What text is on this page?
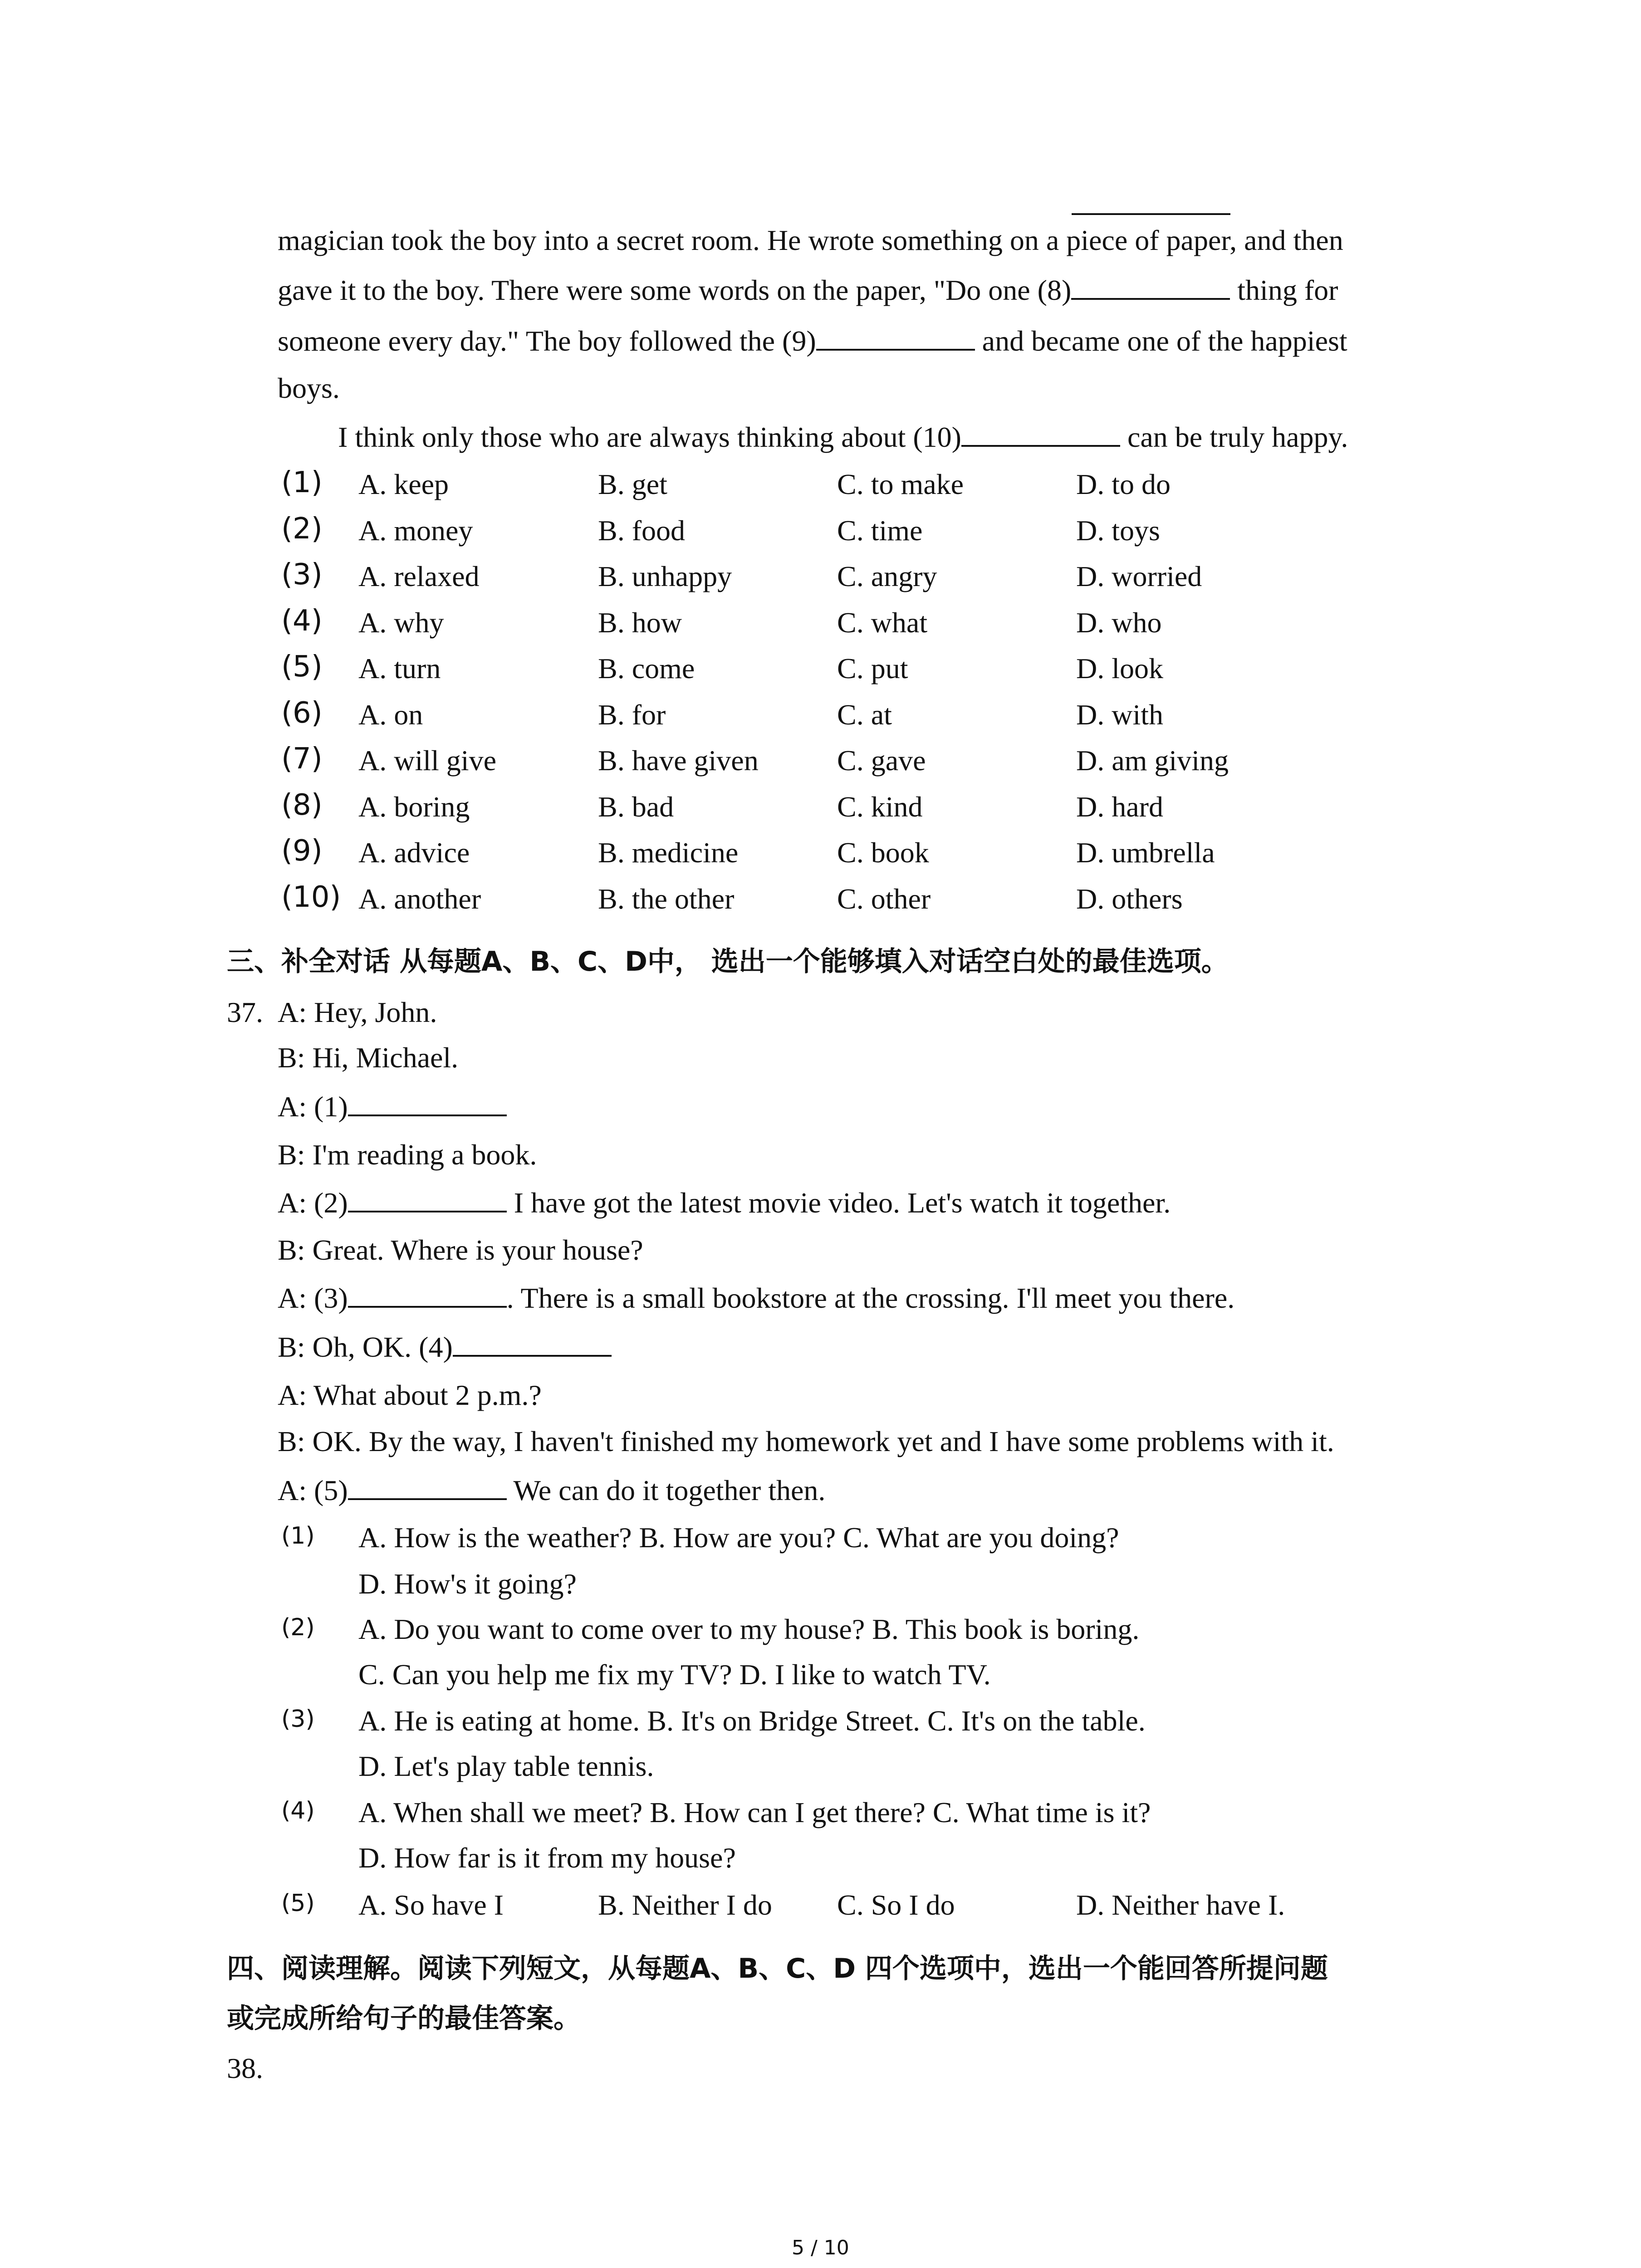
magician took the boy into a secret room. He wrote something on a piece of paper, and then
gave it to the boy. There were some words on the paper, "Do one (8)	thing for
someone every day." The boy followed the (9)	and became one of the happiest
boys.
I think only those who are always thinking about (10)	can be truly happy.
(1) A. keep	B. get	C. to make	D. to do
(2) A. money	B. food	C. time	D. toys
(3) A. relaxed	B. unhappy	C. angry	D. worried
(4) A. why	B. how	C. what	D. who
(5) A. turn	B. come	C. put	D. look
(6) A. on	B. for	C. at	D. with
(7) A. will give	B. have given	C. gave	D. am giving
(8) A. boring	B. bad	C. kind	D. hard
(9) A. advice	B. medicine	C. book	D. umbrella
(10) A. another	B. the other	C. other	D. others
三、补全对话 从每题A、B、C、D中， 选出一个能够填入对话空白处的最佳选项。
37. A: Hey, John.
B: Hi, Michael.
A: (1)
B: I'm reading a book.
A: (2)	I have got the latest movie video. Let's watch it together.
B: Great. Where is your house?
A: (3)	. There is a small bookstore at the crossing. I'll meet you there.
B: Oh, OK. (4)
A: What about 2 p.m.?
B: OK. By the way, I haven't finished my homework yet and I have some problems with it.
A: (5)	We can do it together then.
(1) A. How is the weather? B. How are you? C. What are you doing?
D. How's it going?
(2) A. Do you want to come over to my house? B. This book is boring.
C. Can you help me fix my TV? D. I like to watch TV.
(3) A. He is eating at home. B. It's on Bridge Street. C. It's on the table.
D. Let's play table tennis.
(4) A. When shall we meet? B. How can I get there? C. What time is it?
D. How far is it from my house?
(5) A. So have I	B. Neither I do C. So I do	D. Neither have I.
四、阅读理解。阅读下列短文，从每题A、B、C、D 四个选项中，选出一个能回答所提问题
或完成所给句子的最佳答案。
38.
5 / 10
